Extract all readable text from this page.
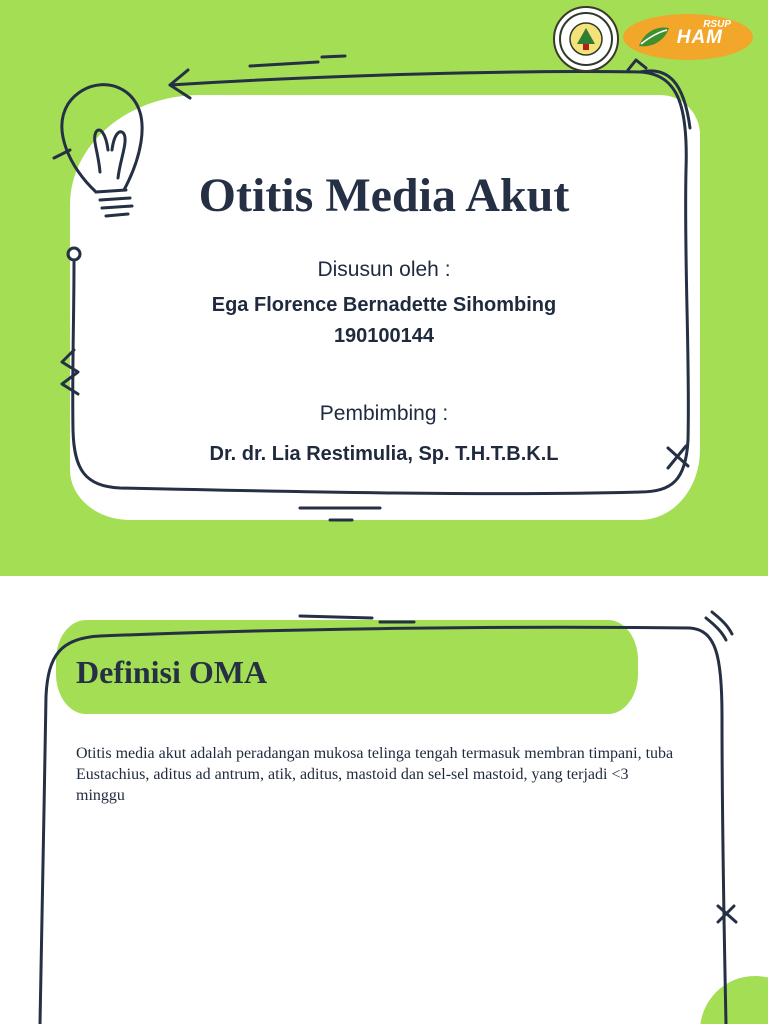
RSUP
HAM
Otitis Media Akut

Disusun oleh :

Ega Florence Bernadette Sihombing

190100144

Pembimbing :

Dr. dr. Lia Restimulia, Sp. T.H.T.B.K.L

Definisi OMA

Otitis media akut adalah peradangan mukosa telinga tengah termasuk membran timpani, tuba Eustachius, aditus ad antrum, atik, aditus, mastoid dan sel-sel mastoid, yang terjadi <3 minggu
